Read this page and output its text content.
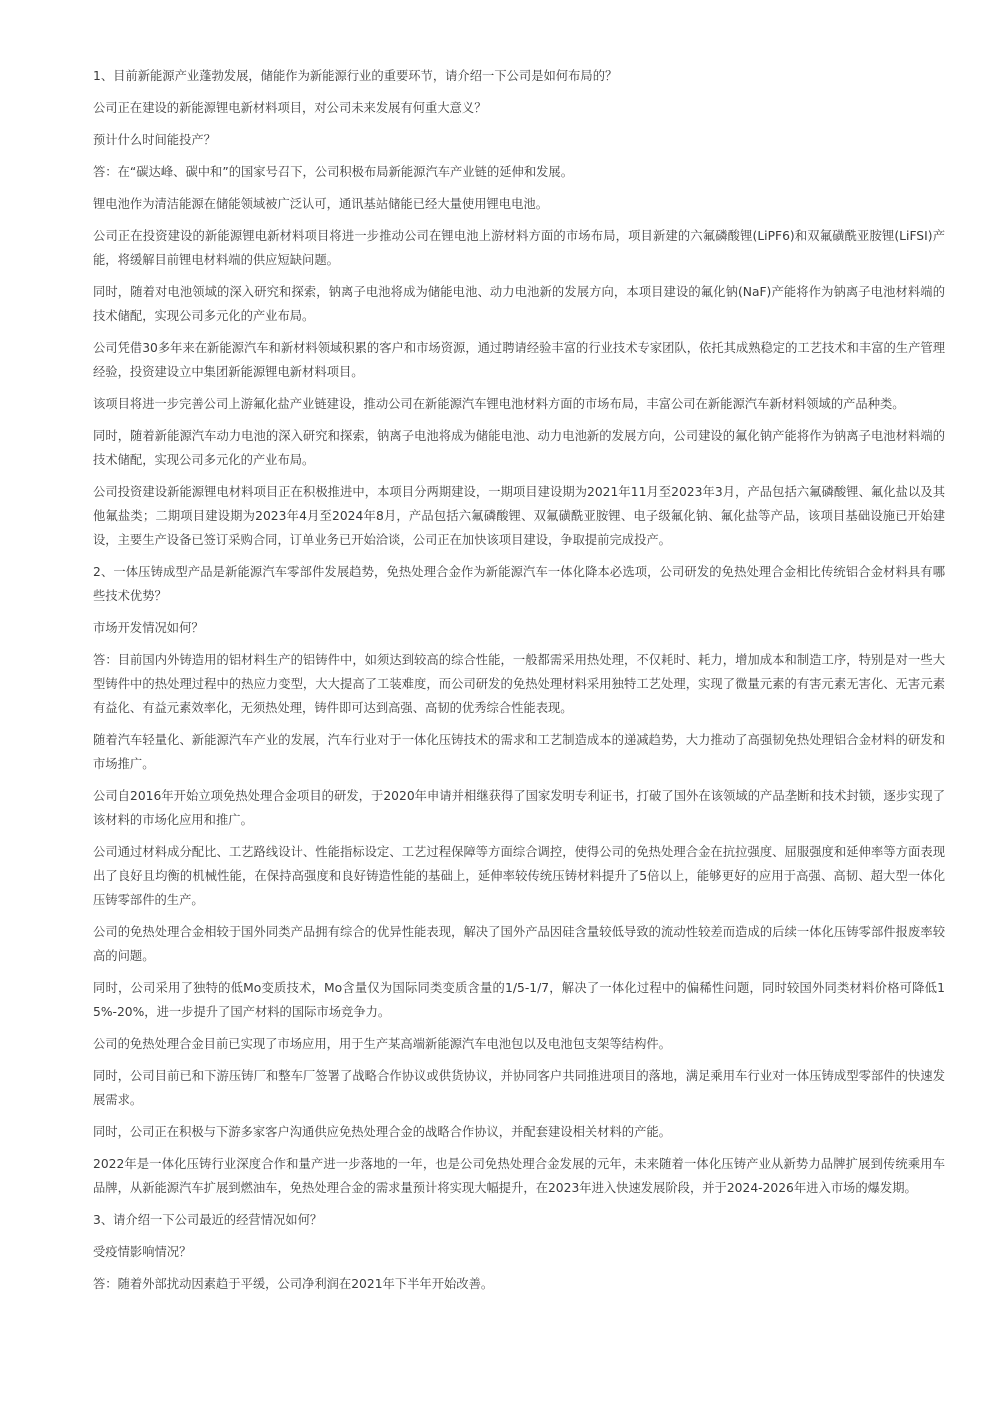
1、目前新能源产业蓬勃发展，储能作为新能源行业的重要环节，请介绍一下公司是如何布局的？

公司正在建设的新能源锂电新材料项目，对公司未来发展有何重大意义？

预计什么时间能投产？

答：在“碳达峰、碳中和”的国家号召下，公司积极布局新能源汽车产业链的延伸和发展。

锂电池作为清洁能源在储能领域被广泛认可，通讯基站储能已经大量使用锂电电池。

公司正在投资建设的新能源锂电新材料项目将进一步推动公司在锂电池上游材料方面的市场布局，项目新建的六氟磷酸锂(LiPF6)和双氟磺酰亚胺锂(LiFSI)产能，将缓解目前锂电材料端的供应短缺问题。

同时，随着对电池领域的深入研究和探索，钠离子电池将成为储能电池、动力电池新的发展方向，本项目建设的氟化钠(NaF)产能将作为钠离子电池材料端的技术储配，实现公司多元化的产业布局。

公司凭借30多年来在新能源汽车和新材料领域积累的客户和市场资源，通过聘请经验丰富的行业技术专家团队，依托其成熟稳定的工艺技术和丰富的生产管理经验，投资建设立中集团新能源锂电新材料项目。

该项目将进一步完善公司上游氟化盐产业链建设，推动公司在新能源汽车锂电池材料方面的市场布局，丰富公司在新能源汽车新材料领域的产品种类。

同时，随着新能源汽车动力电池的深入研究和探索，钠离子电池将成为储能电池、动力电池新的发展方向，公司建设的氟化钠产能将作为钠离子电池材料端的技术储配，实现公司多元化的产业布局。

公司投资建设新能源锂电材料项目正在积极推进中，本项目分两期建设，一期项目建设期为2021年11月至2023年3月，产品包括六氟磷酸锂、氟化盐以及其他氟盐类；二期项目建设期为2023年4月至2024年8月，产品包括六氟磷酸锂、双氟磺酰亚胺锂、电子级氟化钠、氟化盐等产品，该项目基础设施已开始建设，主要生产设备已签订采购合同，订单业务已开始洽谈，公司正在加快该项目建设，争取提前完成投产。

2、一体压铸成型产品是新能源汽车零部件发展趋势，免热处理合金作为新能源汽车一体化降本必选项，公司研发的免热处理合金相比传统铝合金材料具有哪些技术优势？

市场开发情况如何？

答：目前国内外铸造用的铝材料生产的铝铸件中，如须达到较高的综合性能，一般都需采用热处理，不仅耗时、耗力，增加成本和制造工序，特别是对一些大型铸件中的热处理过程中的热应力变型，大大提高了工装难度，而公司研发的免热处理材料采用独特工艺处理，实现了微量元素的有害元素无害化、无害元素有益化、有益元素效率化，无须热处理，铸件即可达到高强、高韧的优秀综合性能表现。

随着汽车轻量化、新能源汽车产业的发展，汽车行业对于一体化压铸技术的需求和工艺制造成本的递减趋势，大力推动了高强韧免热处理铝合金材料的研发和市场推广。

公司自2016年开始立项免热处理合金项目的研发，于2020年申请并相继获得了国家发明专利证书，打破了国外在该领域的产品垄断和技术封锁，逐步实现了该材料的市场化应用和推广。

公司通过材料成分配比、工艺路线设计、性能指标设定、工艺过程保障等方面综合调控，使得公司的免热处理合金在抗拉强度、屈服强度和延伸率等方面表现出了良好且均衡的机械性能，在保持高强度和良好铸造性能的基础上，延伸率较传统压铸材料提升了5倍以上，能够更好的应用于高强、高韧、超大型一体化压铸零部件的生产。

公司的免热处理合金相较于国外同类产品拥有综合的优异性能表现，解决了国外产品因硅含量较低导致的流动性较差而造成的后续一体化压铸零部件报废率较高的问题。

同时，公司采用了独特的低Mo变质技术，Mo含量仅为国际同类变质含量的1/5-1/7，解决了一体化过程中的偏稀性问题，同时较国外同类材料价格可降低15%-20%，进一步提升了国产材料的国际市场竞争力。

公司的免热处理合金目前已实现了市场应用，用于生产某高端新能源汽车电池包以及电池包支架等结构件。

同时，公司目前已和下游压铸厂和整车厂签署了战略合作协议或供货协议，并协同客户共同推进项目的落地，满足乘用车行业对一体压铸成型零部件的快速发展需求。

同时，公司正在积极与下游多家客户沟通供应免热处理合金的战略合作协议，并配套建设相关材料的产能。

2022年是一体化压铸行业深度合作和量产进一步落地的一年，也是公司免热处理合金发展的元年，未来随着一体化压铸产业从新势力品牌扩展到传统乘用车品牌，从新能源汽车扩展到燃油车，免热处理合金的需求量预计将实现大幅提升，在2023年进入快速发展阶段，并于2024-2026年进入市场的爆发期。

3、请介绍一下公司最近的经营情况如何？

受疫情影响情况？

答：随着外部扰动因素趋于平缓，公司净利润在2021年下半年开始改善。
